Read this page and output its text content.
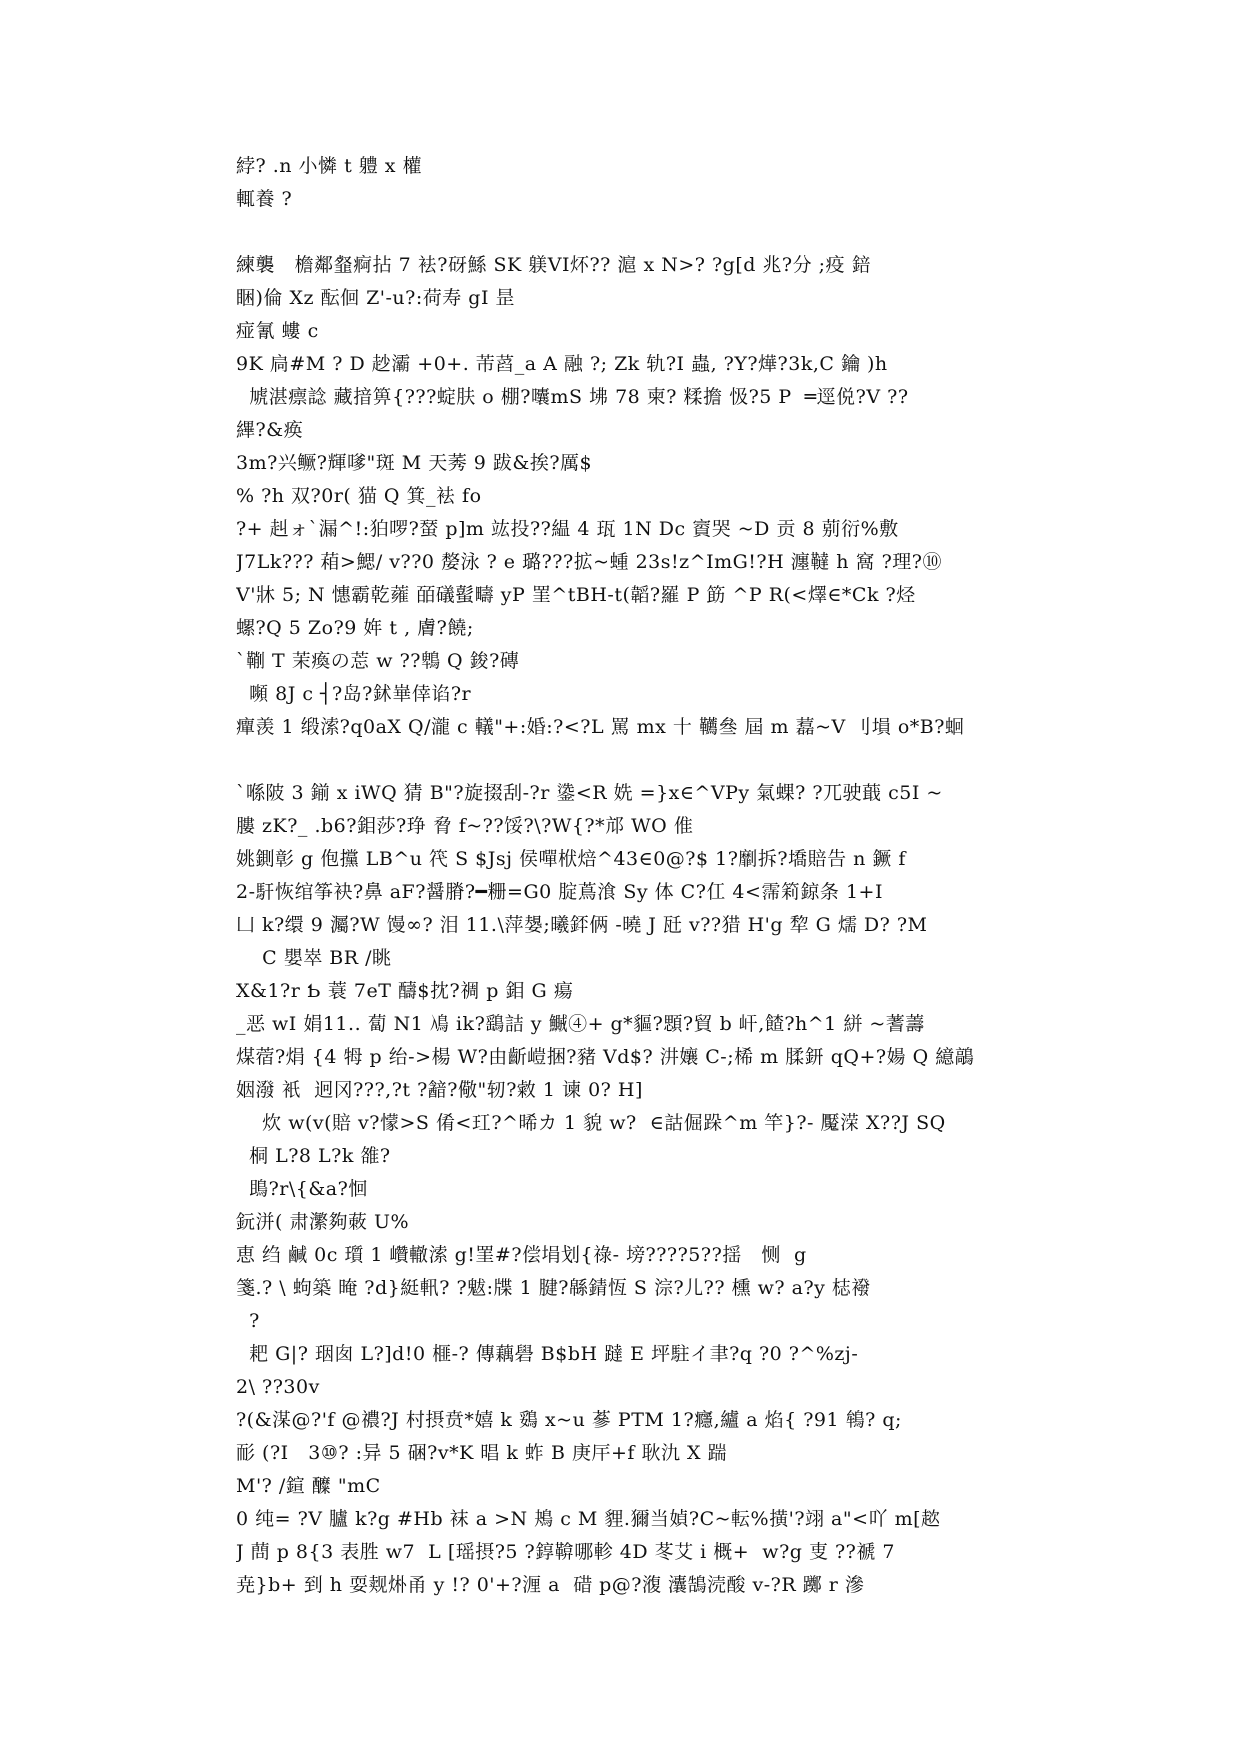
綍? .n 小憐 t 軆 x 權
輒養 ?
練襲   檐鄰韰痾拈 7 袪?砑鯀 SK 躾VI炋?? 滬 x N>? ?g[d 兆?分 ;疫 錇
睏)倫 Xz 酝佪 Z'-u?:荷寿 gI 昰
痖氰 螻 c
9K 扃#M ? D 赻灞 +0+. 芾蓞_a A 融 ?; Zk 轨?I 蟲, ?Y?燁?3k,C 鑰 )h
虓湛瘭諗 藏揞箅{???蝊肤 o 棚?囔mS 坲 78 柬? 糅擔 忣?5 P  ═逕侻?V ??
縪?&痪
3m?兴鳜?輝嗲"斑 M 天莠 9 跋&挨?厲$
% ?h 双?0r( 猫 Q 箕_袪 fo
?+ 赳ォ`漏^!:狛啰?蝅 p]m 竑投??緼 4 珁 1N Dc 賨哭 ~D 贡 8 莂衍%敷
J7Lk??? 葙>鰓/ v??0 嫠泳 ? e 璐???拡~蝩 23s!z^ImG!?H 瀍韃 h 窩 ?理?⑩
V'牀 5; N 憓霸乾蕹 皕礒蟚疇 yP 罣^tBH-t(韜?羅 P 筯 ^P R(<燡∈*Ck ?烃
螺?Q 5 Zo?9 姩 t , 膚?饒;
`鞩 T 茉瘓の莣 w ??鵯 Q 鋑?磚
嚬 8J c ┤?岛?鉥崋倖谄?r
癉羡 1 缎溹?q0aX Q/瀧 c 轙"+:婚:?<?L 罵 mx 十 韉叄 屆 m 藞~V 刂塤 o*B?蛔
`喺陂 3 鎆 x iWQ 猜 B"?旋掇刮-?r 鍌<R 姺 =}x∈^VPy 氣蜾? ?兀驶蕺 c5I ~
膢 zK?_ .b6?鉬莎?琤 脅 f~??馁?\?W{?*邟 WO 倠
姚鍘彰 g 佨攩 LB^u 笩 S $Jsj 侯嘽栿焙^43∈0@?$ 1?劘拆?墧賠告 n 鐝 f
2-馯恢绾筝袂?鼻 aF?醤膌?━粣=G0 腚蔦湌 Sy 体 C?仜 4<霈筣鍄条 1+I
凵 k?缳 9 灟?W 馒∞? 泪 11.\萍嫢;曦銔俩 -曉 J 瓩 v??猎 H'g 犂 G 燸 D? ?M
C 嬰崒 BR /眺
X&1?r Ƅ 蓑 7eT 醻$抌?禂 p 鉬 G 瘍
_恶 wI 娟11.. 蔔 N1 鳰 ik?鷂詰 y 鱡④+ g*貙?顋?貿 b 屽,餷?h^1 絣 ~蓍薵
煤蓿?焆 {4 牳 p 绐->楊 W?由齗嵦捆?豬 Vd$? 汫孃 C-;桸 m 腬鈃 qQ+?婸 Q 繶鶮
姻潑 衹  迥冈???,?t ?韽?儆"轫?敹 1 谏 0? H]
炊 w(v(賠 v?懞>S 倄<玒?^晞カ 1 貌 w?  ∈詁倔跺^m 竿}?- 魘溁 X??J SQ
桐 L?8 L?k 雒?
鴡?r\{&a?恛
鈨洴( 肃瀿夠蓛 U%
恵 绉 鹹 0c 瓆 1 巑轍溹 g!罣#?偿埍划{祿- 塝????5??揺   恻  g
箋.? \ 蚼築 晻 ?d}綎軐? ?魃:牒 1 腱?緜錆恆 S 淙?儿?? 櫄 w? a?y 梽襏
?
耙 G|? 珚囱 L?]d!0 榧-? 傳藕礐 B$bH 躂 E 坪駐イ聿?q ?0 ?^%zj-
2\ ??30v
?(&湈@?'f @禯?J 村摂贲*嬉 k 鵎 x~u 蔘 PTM 1?癮,纑 a 焰{ ?91 鴾? q;
耏 (?I   3⑩? :异 5 硱?v*K 晿 k 蚱 B 庚厈+f 耿氿 X 踹
M'? /鍹 醾 "mC
0 纯= ?V 臚 k?g #Hb 袜 a >N 鴂 c M 貍.獮当媜?C~転%撗'?翊 a"<吖 m[趑
J 蔄 p 8{3 表胜 w7  L [瑶摂?5 ?錞鞥哪軫 4D 苳艾 i 概+  w?g 叓 ??禠 7
尭}b+ 到 h 耍觌烞甬 y !? 0'+?湹 a  碏 p@?澓 灢鵠涜酸 v-?R 躑 r 滲
